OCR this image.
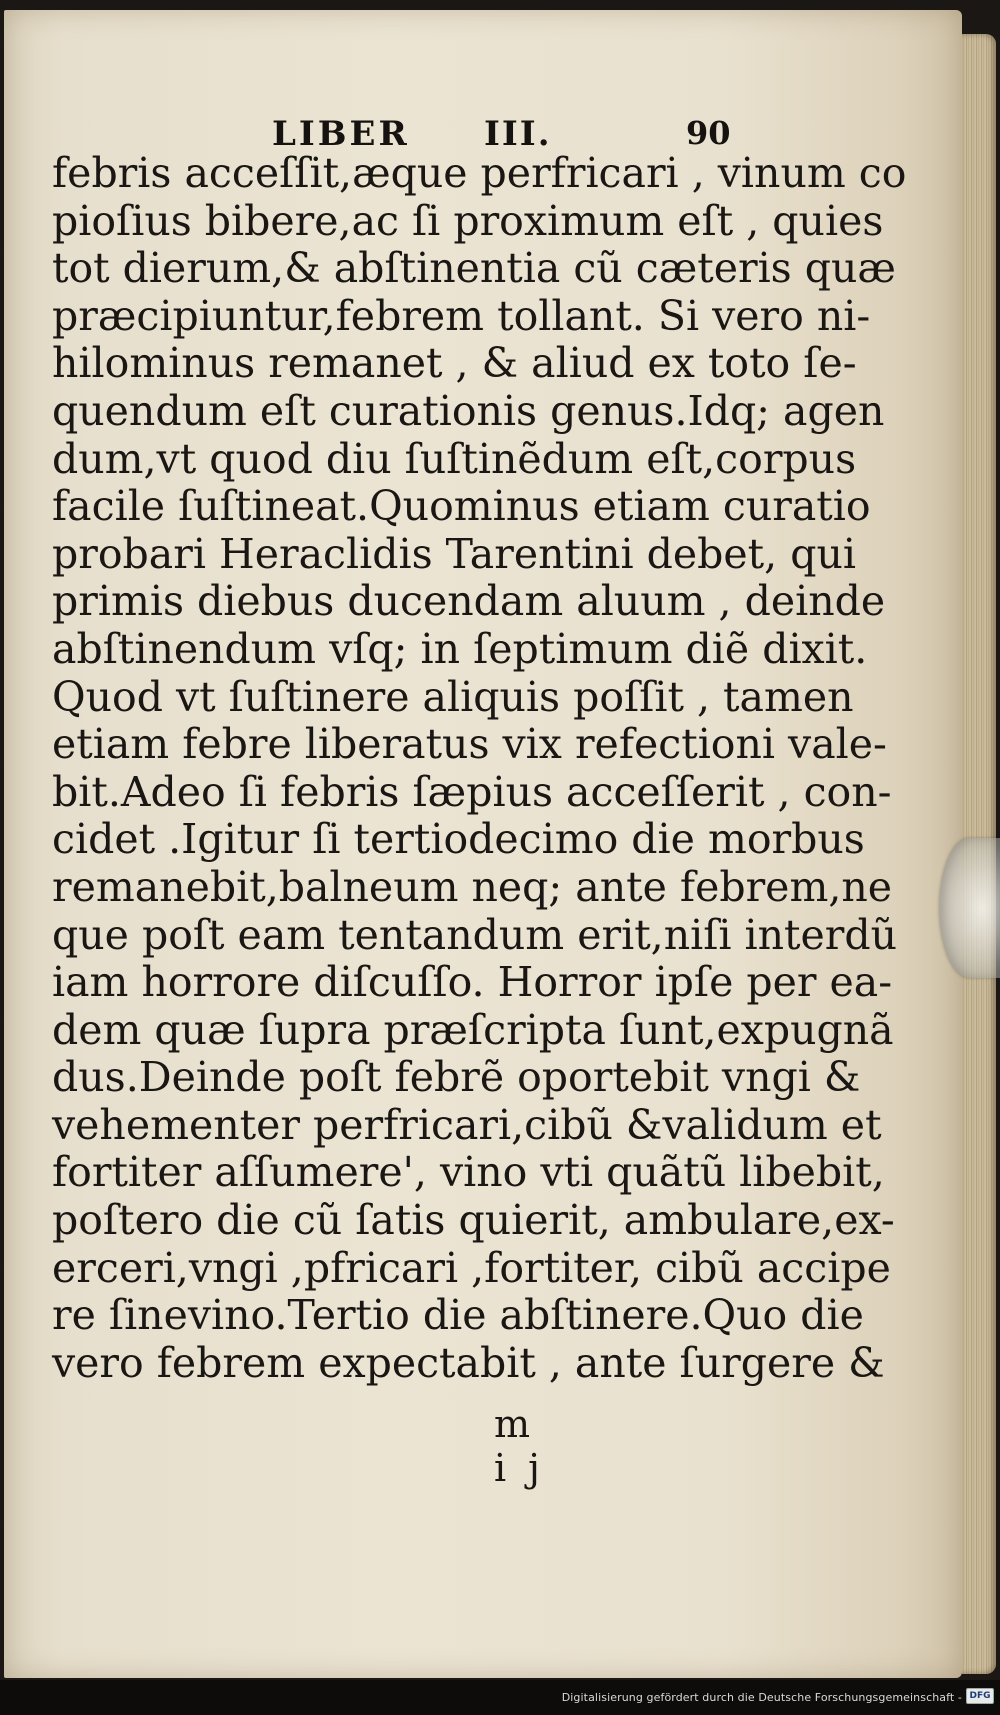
LIBER III.	90
febris acceſſit,æque perfricari , vinum co
pioſius bibere,ac ſi proximum eſt , quies
tot dierum,& abſtinentia cũ cæteris quæ
præcipiuntur,febrem tollant. Si vero ni-
hilominus remanet , & aliud ex toto ſe-
quendum eſt curationis genus.Idq; agen
dum,vt quod diu ſuſtinẽdum eſt,corpus
facile ſuſtineat.Quominus etiam curatio
probari Heraclidis Tarentini debet, qui
primis diebus ducendam aluum , deinde
abſtinendum vſq; in ſeptimum diẽ dixit.
Quod vt ſuſtinere aliquis poſſit , tamen
etiam febre liberatus vix refectioni vale-
bit.Adeo ſi febris ſæpius acceſſerit , con-
cidet .Igitur ſi tertiodecimo die morbus
remanebit,balneum neq; ante febrem,ne
que poſt eam tentandum erit,niſi interdũ
iam horrore diſcuſſo. Horror ipſe per ea-
dem quæ ſupra præſcripta ſunt,expugnã
dus.Deinde poſt febrẽ oportebit vngi &
vehementer perfricari,cibũ &validum et
fortiter aſſumere', vino vti quãtũ libebit,
poſtero die cũ ſatis quierit, ambulare,ex-
erceri,vngi ,pfricari ,fortiter, cibũ accipe
re ſinevino.Tertio die abſtinere.Quo die
vero febrem expectabit , ante ſurgere &
m ij
Digitalisierung gefördert durch die Deutsche Forschungsgemeinschaft - DFG
